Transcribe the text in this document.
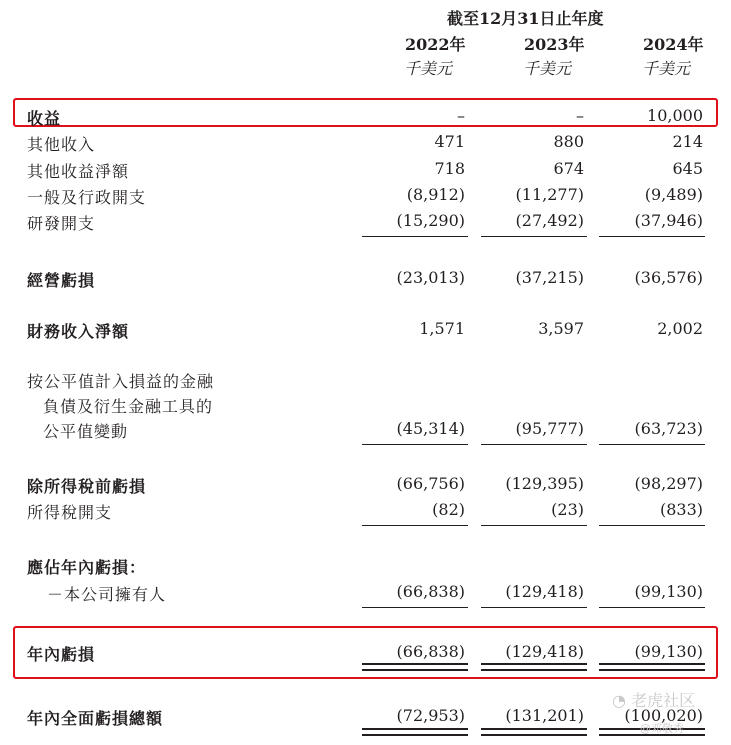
截至12月31日止年度
2022年	2023年	2024年
千美元	千美元	千美元
收益	–	–	10,000
其他收入	471	880	214
其他收益淨額	718	674	645
一般及行政開支	(8,912)	(11,277)	(9,489)
研發開支	(15,290)	(27,492)	(37,946)
經營虧損	(23,013)	(37,215)	(36,576)
財務收入淨額	1,571	3,597	2,002
按公平值計入損益的金融
負債及衍生金融工具的
公平值變動	(45,314)	(95,777)	(63,723)
除所得稅前虧損	(66,756)	(129,395)	(98,297)
所得稅開支	(82)	(23)	(833)
應佔年內虧損：
－本公司擁有人	(66,838)	(129,418)	(99,130)
年內虧損	(66,838)	(129,418)	(99,130)
年內全面虧損總額	(72,953)	(131,201)	(100,020)
◔ 老虎社区
@邓敬秀
